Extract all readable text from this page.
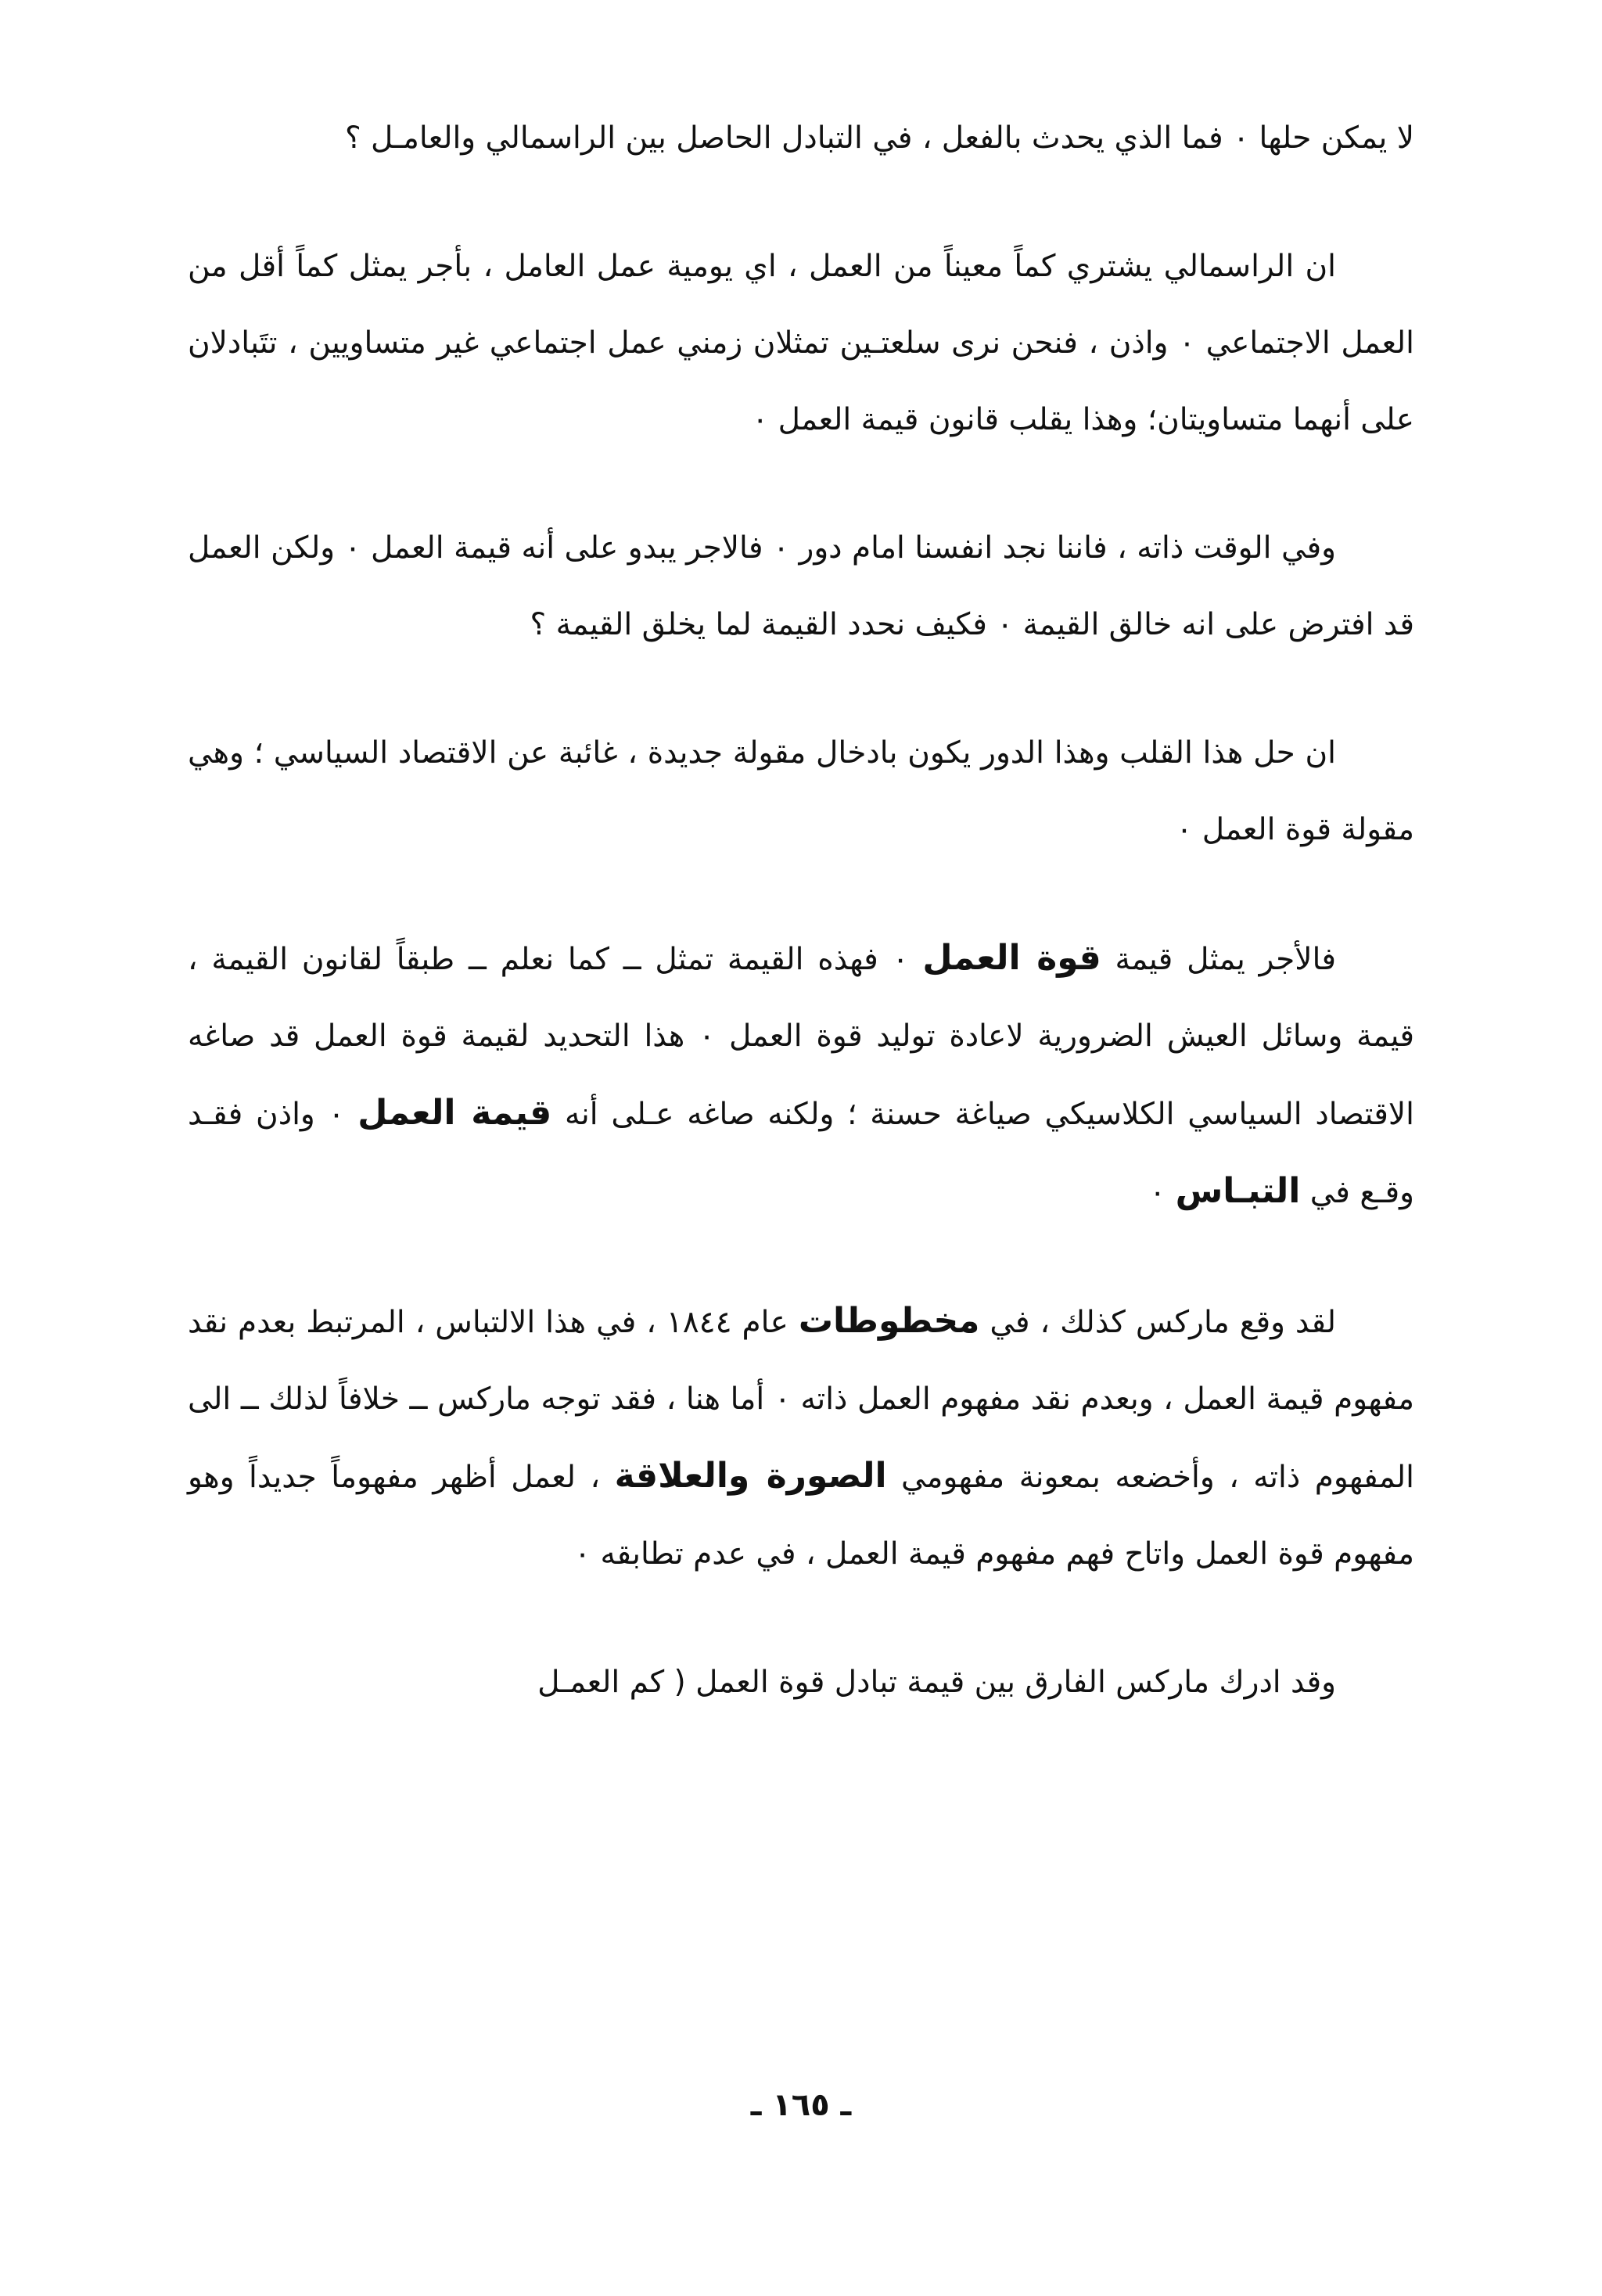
لا يمكن حلها ٠ فما الذي يحدث بالفعل ، في التبادل الحاصل بين الراسمالي والعامـل ؟

ان الراسمالي يشتري كماً معيناً من العمل ، اي يومية عمل العامل ، بأجر يمثل كماً أقل من العمل الاجتماعي ٠ واذن ، فنحن نرى سلعتـين تمثلان زمني عمل اجتماعي غير متساويين ، تتَبادلان على أنهما متساويتان؛ وهذا يقلب قانون قيمة العمل ٠

وفي الوقت ذاته ، فاننا نجد انفسنا امام دور ٠ فالاجر يبدو على أنه قيمة العمل ٠ ولكن العمل قد افترض على انه خالق القيمة ٠ فكيف نحدد القيمة لما يخلق القيمة ؟

ان حل هذا القلب وهذا الدور يكون بادخال مقولة جديدة ، غائبة عن الاقتصاد السياسي ؛ وهي مقولة قوة العمل ٠

فالأجر يمثل قيمة قوة العمل ٠ فهذه القيمة تمثل ــ كما نعلم ــ طبقاً لقانون القيمة ، قيمة وسائل العيش الضرورية لاعادة توليد قوة العمل ٠ هذا التحديد لقيمة قوة العمل قد صاغه الاقتصاد السياسي الكلاسيكي صياغة حسنة ؛ ولكنه صاغه عـلى أنه قيمة العمل ٠ واذن فقـد وقـع في التبـاس ٠

لقد وقع ماركس كذلك ، في مخطوطات عام ١٨٤٤ ، في هذا الالتباس ، المرتبط بعدم نقد مفهوم قيمة العمل ، وبعدم نقد مفهوم العمل ذاته ٠ أما هنا ، فقد توجه ماركس ــ خلافاً لذلك ــ الى المفهوم ذاته ، وأخضعه بمعونة مفهومي الصورة والعلاقة ، لعمل أظهر مفهوماً جديداً وهو مفهوم قوة العمل واتاح فهم مفهوم قيمة العمل ، في عدم تطابقه ٠

وقد ادرك ماركس الفارق بين قيمة تبادل قوة العمل ( كم العمـل

ـ ١٦٥ ـ
